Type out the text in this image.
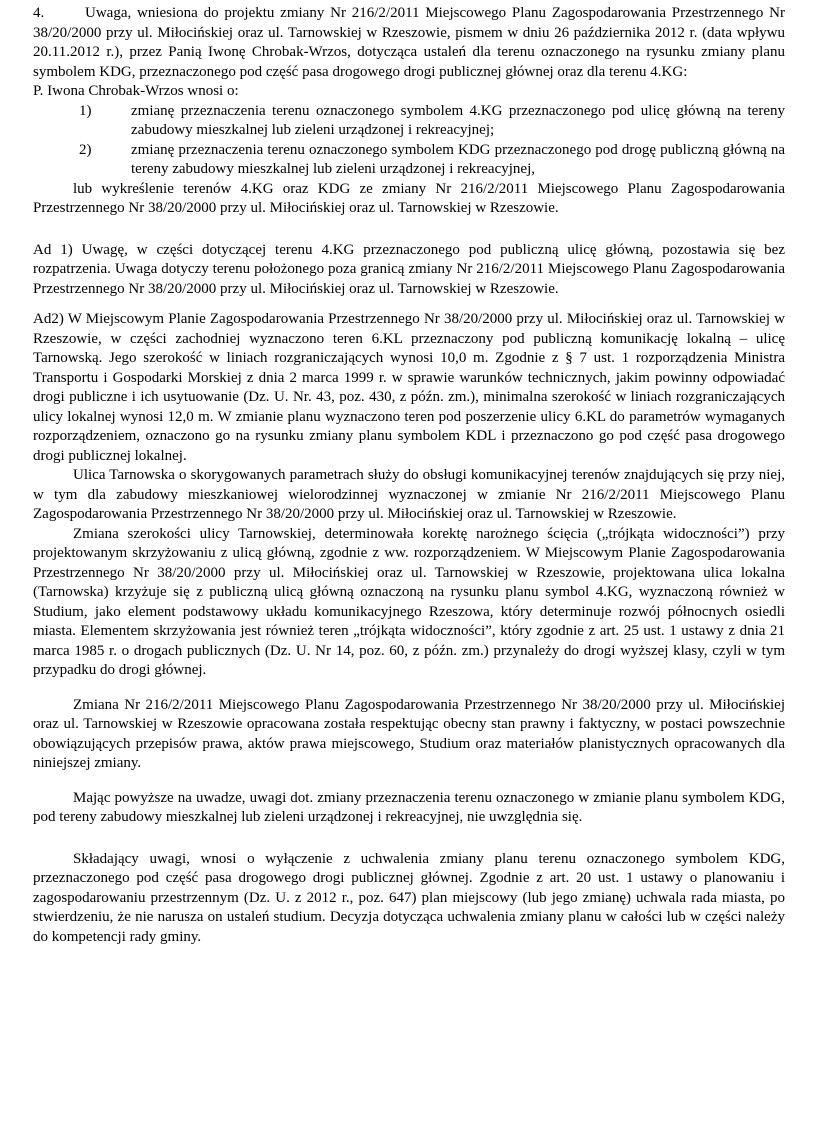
4.	Uwaga, wniesiona do projektu zmiany Nr 216/2/2011 Miejscowego Planu Zagospodarowania Przestrzennego Nr 38/20/2000 przy ul. Miłocińskiej oraz ul. Tarnowskiej w Rzeszowie, pismem w dniu 26 października 2012 r. (data wpływu 20.11.2012 r.), przez Panią Iwonę Chrobak-Wrzos, dotycząca ustaleń dla terenu oznaczonego na rysunku zmiany planu symbolem KDG, przeznaczonego pod część pasa drogowego drogi publicznej głównej oraz dla terenu 4.KG:

P. Iwona Chrobak-Wrzos wnosi o:

1)	zmianę przeznaczenia terenu oznaczonego symbolem 4.KG przeznaczonego pod ulicę główną na tereny zabudowy mieszkalnej lub zieleni urządzonej i rekreacyjnej;
2)	zmianę przeznaczenia terenu oznaczonego symbolem KDG przeznaczonego pod drogę publiczną główną na tereny zabudowy mieszkalnej lub zieleni urządzonej i rekreacyjnej,

lub wykreślenie terenów 4.KG oraz KDG ze zmiany Nr 216/2/2011 Miejscowego Planu Zagospodarowania Przestrzennego Nr 38/20/2000 przy ul. Miłocińskiej oraz ul. Tarnowskiej w Rzeszowie.

Ad 1) Uwagę, w części dotyczącej terenu 4.KG przeznaczonego pod publiczną ulicę główną, pozostawia się bez rozpatrzenia. Uwaga dotyczy terenu położonego poza granicą zmiany Nr 216/2/2011 Miejscowego Planu Zagospodarowania Przestrzennego Nr 38/20/2000 przy ul. Miłocińskiej oraz ul. Tarnowskiej w Rzeszowie.

Ad2) W Miejscowym Planie Zagospodarowania Przestrzennego Nr 38/20/2000 przy ul. Miłocińskiej oraz ul. Tarnowskiej w Rzeszowie, w części zachodniej wyznaczono teren 6.KL przeznaczony pod publiczną komunikację lokalną – ulicę Tarnowską. Jego szerokość w liniach rozgraniczających wynosi 10,0 m. Zgodnie z § 7 ust. 1 rozporządzenia Ministra Transportu i Gospodarki Morskiej z dnia 2 marca 1999 r. w sprawie warunków technicznych, jakim powinny odpowiadać drogi publiczne i ich usytuowanie (Dz. U. Nr. 43, poz. 430, z późn. zm.), minimalna szerokość w liniach rozgraniczających ulicy lokalnej wynosi 12,0 m. W zmianie planu wyznaczono teren pod poszerzenie ulicy 6.KL do parametrów wymaganych rozporządzeniem, oznaczono go na rysunku zmiany planu symbolem KDL i przeznaczono go pod część pasa drogowego drogi publicznej lokalnej.

Ulica Tarnowska o skorygowanych parametrach służy do obsługi komunikacyjnej terenów znajdujących się przy niej, w tym dla zabudowy mieszkaniowej wielorodzinnej wyznaczonej w zmianie Nr 216/2/2011 Miejscowego Planu Zagospodarowania Przestrzennego Nr 38/20/2000 przy ul. Miłocińskiej oraz ul. Tarnowskiej w Rzeszowie.

Zmiana szerokości ulicy Tarnowskiej, determinowała korektę narożnego ścięcia („trójkąta widoczności”) przy projektowanym skrzyżowaniu z ulicą główną, zgodnie z ww. rozporządzeniem. W Miejscowym Planie Zagospodarowania Przestrzennego Nr 38/20/2000 przy ul. Miłocińskiej oraz ul. Tarnowskiej w Rzeszowie, projektowana ulica lokalna (Tarnowska) krzyżuje się z publiczną ulicą główną oznaczoną na rysunku planu symbol 4.KG, wyznaczoną również w Studium, jako element podstawowy układu komunikacyjnego Rzeszowa, który determinuje rozwój północnych osiedli miasta. Elementem skrzyżowania jest również teren „trójkąta widoczności”, który zgodnie z art. 25 ust. 1 ustawy z dnia 21 marca 1985 r. o drogach publicznych (Dz. U. Nr 14, poz. 60, z późn. zm.) przynależy do drogi wyższej klasy, czyli w tym przypadku do drogi głównej.

Zmiana Nr 216/2/2011 Miejscowego Planu Zagospodarowania Przestrzennego Nr 38/20/2000 przy ul. Miłocińskiej oraz ul. Tarnowskiej w Rzeszowie opracowana została respektując obecny stan prawny i faktyczny, w postaci powszechnie obowiązujących przepisów prawa, aktów prawa miejscowego, Studium oraz materiałów planistycznych opracowanych dla niniejszej zmiany.

Mając powyższe na uwadze, uwagi dot. zmiany przeznaczenia terenu oznaczonego w zmianie planu symbolem KDG, pod tereny zabudowy mieszkalnej lub zieleni urządzonej i rekreacyjnej, nie uwzględnia się.

Składający uwagi, wnosi o wyłączenie z uchwalenia zmiany planu terenu oznaczonego symbolem KDG, przeznaczonego pod część pasa drogowego drogi publicznej głównej. Zgodnie z art. 20 ust. 1 ustawy o planowaniu i zagospodarowaniu przestrzennym (Dz. U. z 2012 r., poz. 647) plan miejscowy (lub jego zmianę) uchwala rada miasta, po stwierdzeniu, że nie narusza on ustaleń studium. Decyzja dotycząca uchwalenia zmiany planu w całości lub w części należy do kompetencji rady gminy.
